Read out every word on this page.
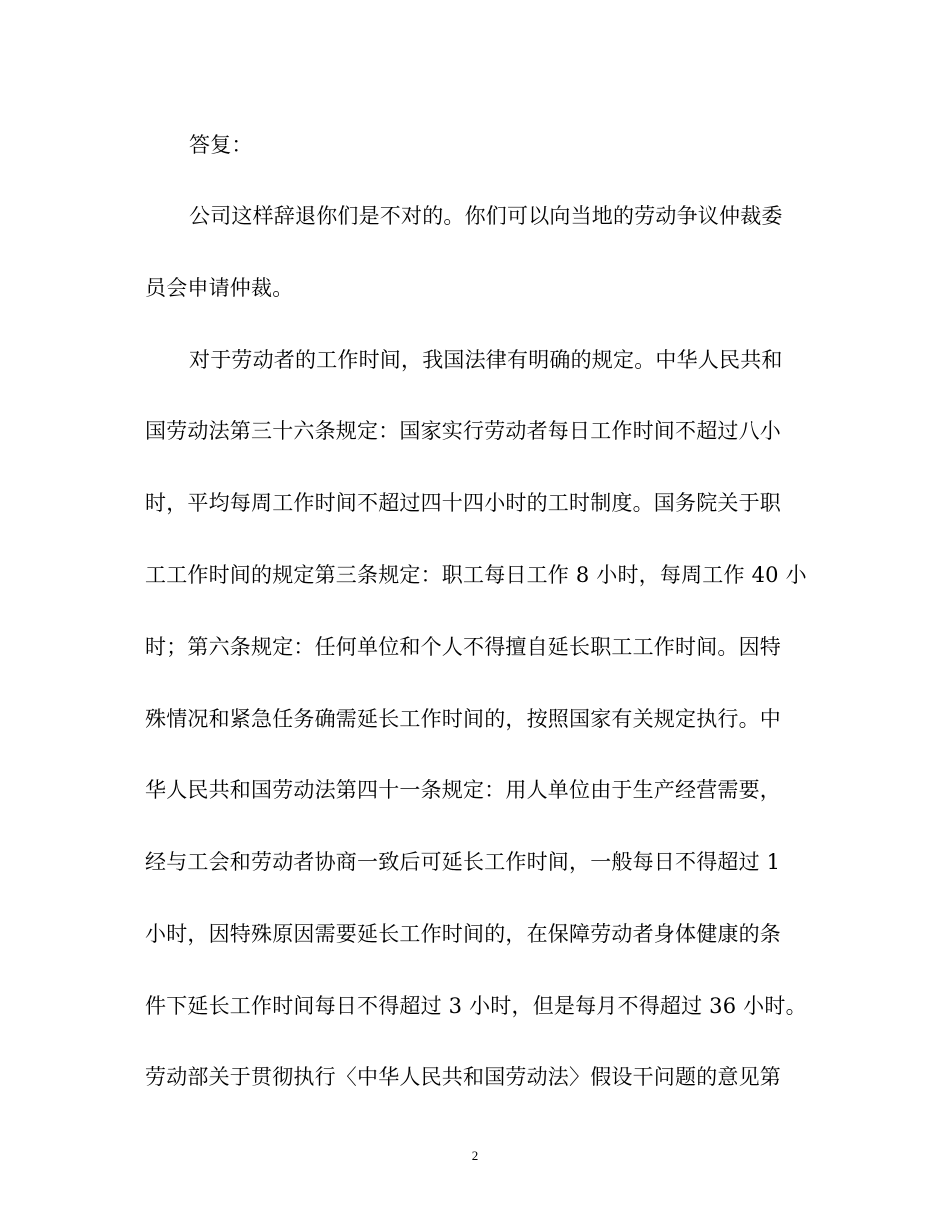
答复：
公司这样辞退你们是不对的。你们可以向当地的劳动争议仲裁委
员会申请仲裁。
对于劳动者的工作时间，我国法律有明确的规定。中华人民共和
国劳动法第三十六条规定：国家实行劳动者每日工作时间不超过八小
时，平均每周工作时间不超过四十四小时的工时制度。国务院关于职
工工作时间的规定第三条规定：职工每日工作 8 小时，每周工作 40 小
时；第六条规定：任何单位和个人不得擅自延长职工工作时间。因特
殊情况和紧急任务确需延长工作时间的，按照国家有关规定执行。中
华人民共和国劳动法第四十一条规定：用人单位由于生产经营需要，
经与工会和劳动者协商一致后可延长工作时间，一般每日不得超过 1
小时，因特殊原因需要延长工作时间的，在保障劳动者身体健康的条
件下延长工作时间每日不得超过 3 小时，但是每月不得超过 36 小时。
劳动部关于贯彻执行〈中华人民共和国劳动法〉假设干问题的意见第
2
